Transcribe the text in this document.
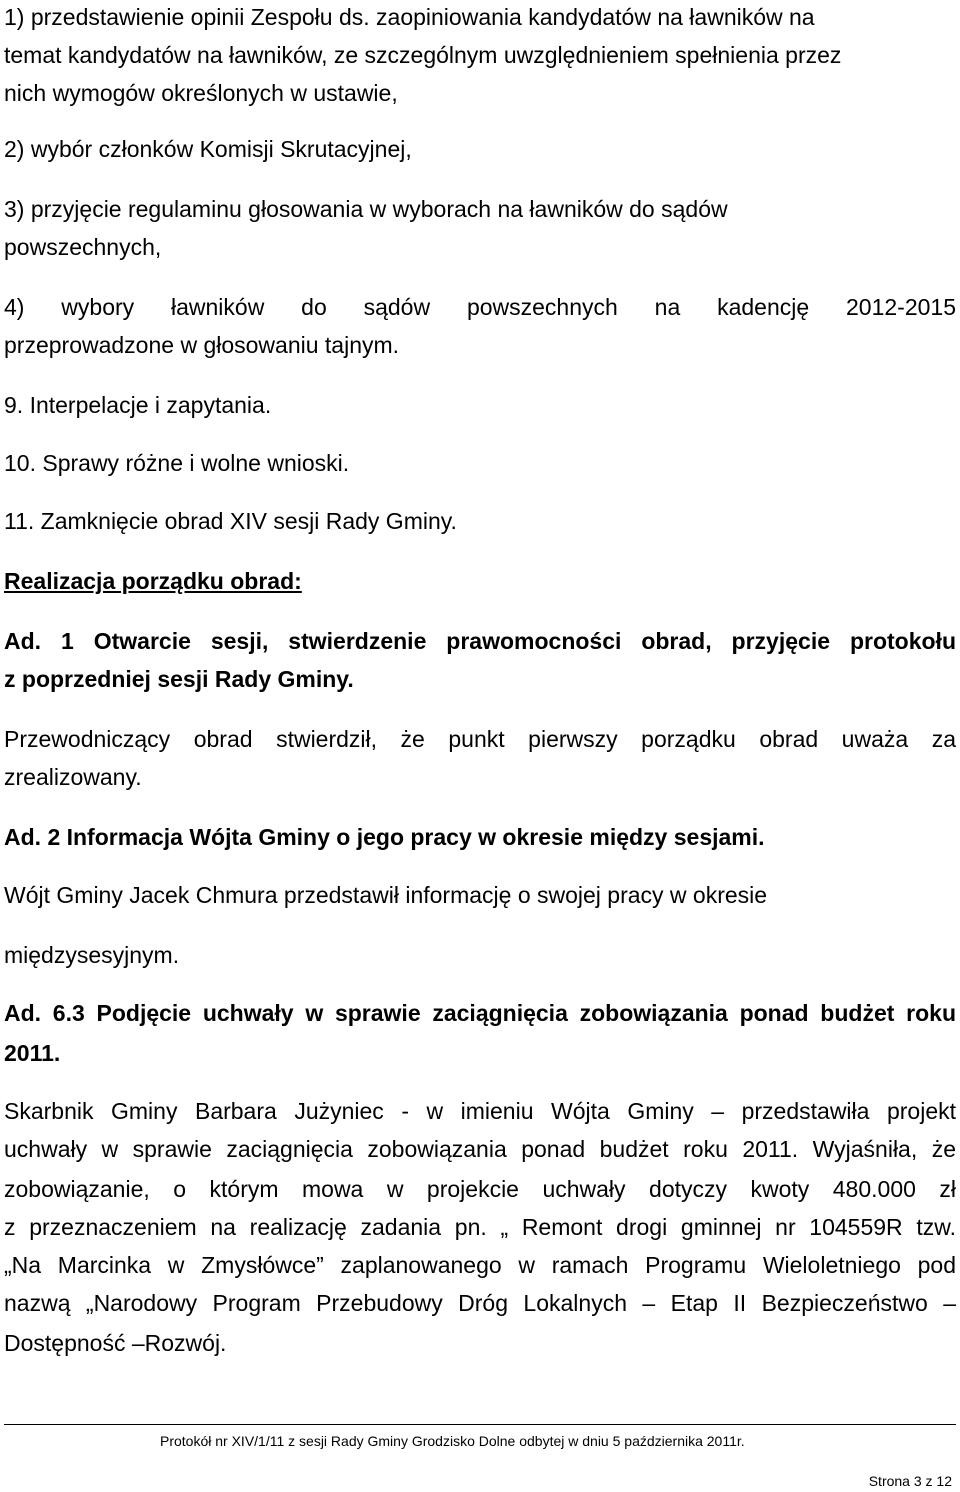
1) przedstawienie opinii Zespołu ds. zaopiniowania kandydatów na ławników na
temat kandydatów na ławników, ze szczególnym uwzględnieniem spełnienia przez
nich wymogów określonych w ustawie,
2) wybór członków Komisji Skrutacyjnej,
3) przyjęcie regulaminu głosowania w wyborach na ławników do sądów
powszechnych,
4) wybory ławników do sądów powszechnych na kadencję 2012-2015
przeprowadzone w głosowaniu tajnym.
9. Interpelacje i zapytania.
10. Sprawy różne i wolne wnioski.
11. Zamknięcie obrad XIV sesji Rady Gminy.
Realizacja porządku obrad:
Ad. 1 Otwarcie sesji, stwierdzenie prawomocności obrad, przyjęcie protokołu
z poprzedniej sesji Rady Gminy.
Przewodniczący obrad stwierdził, że punkt pierwszy porządku obrad uważa za
zrealizowany.
Ad. 2 Informacja Wójta Gminy o jego pracy w okresie między sesjami.
Wójt Gminy Jacek Chmura przedstawił informację o swojej pracy w okresie
międzysesyjnym.
Ad. 6.3 Podjęcie uchwały w sprawie zaciągnięcia zobowiązania ponad budżet roku
2011.
Skarbnik Gminy Barbara Jużyniec - w imieniu Wójta Gminy – przedstawiła projekt
uchwały w sprawie zaciągnięcia zobowiązania ponad budżet roku 2011. Wyjaśniła, że
zobowiązanie, o którym mowa w projekcie uchwały dotyczy kwoty 480.000 zł
z przeznaczeniem na realizację zadania pn. „ Remont drogi gminnej nr 104559R tzw.
„Na Marcinka w Zmysłówce” zaplanowanego w ramach Programu Wieloletniego pod
nazwą „Narodowy Program Przebudowy Dróg Lokalnych – Etap II Bezpieczeństwo –
Dostępność –Rozwój.
Protokół nr XIV/1/11 z sesji Rady Gminy Grodzisko Dolne odbytej w dniu 5 października 2011r.
Strona 3 z 12
